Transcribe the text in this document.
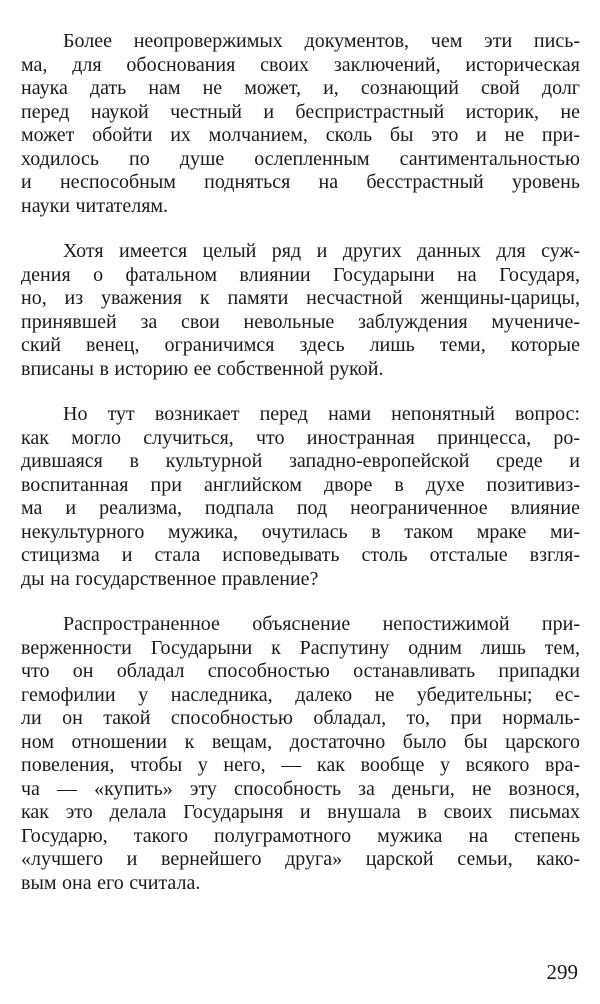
Более неопровержимых документов, чем эти пись-
ма, для обоснования своих заключений, историческая
наука дать нам не может, и, сознающий свой долг
перед наукой честный и беспристрастный историк, не
может обойти их молчанием, сколь бы это и не при-
ходилось по душе ослепленным сантиментальностью
и неспособным подняться на бесстрастный уровень
науки читателям.
Хотя имеется целый ряд и других данных для суж-
дения о фатальном влиянии Государыни на Государя,
но, из уважения к памяти несчастной женщины-царицы,
принявшей за свои невольные заблуждения мучениче-
ский венец, ограничимся здесь лишь теми, которые
вписаны в историю ее собственной рукой.
Но тут возникает перед нами непонятный вопрос:
как могло случиться, что иностранная принцесса, ро-
дившаяся в культурной западно-европейской среде и
воспитанная при английском дворе в духе позитивиз-
ма и реализма, подпала под неограниченное влияние
некультурного мужика, очутилась в таком мраке ми-
стицизма и стала исповедывать столь отсталые взгля-
ды на государственное правление?
Распространенное объяснение непостижимой при-
верженности Государыни к Распутину одним лишь тем,
что он обладал способностью останавливать припадки
гемофилии у наследника, далеко не убедительны; ес-
ли он такой способностью обладал, то, при нормаль-
ном отношении к вещам, достаточно было бы царского
повеления, чтобы у него, — как вообще у всякого вра-
ча — «купить» эту способность за деньги, не вознося,
как это делала Государыня и внушала в своих письмах
Государю, такого полуграмотного мужика на степень
«лучшего и вернейшего друга» царской семьи, како-
вым она его считала.
299
